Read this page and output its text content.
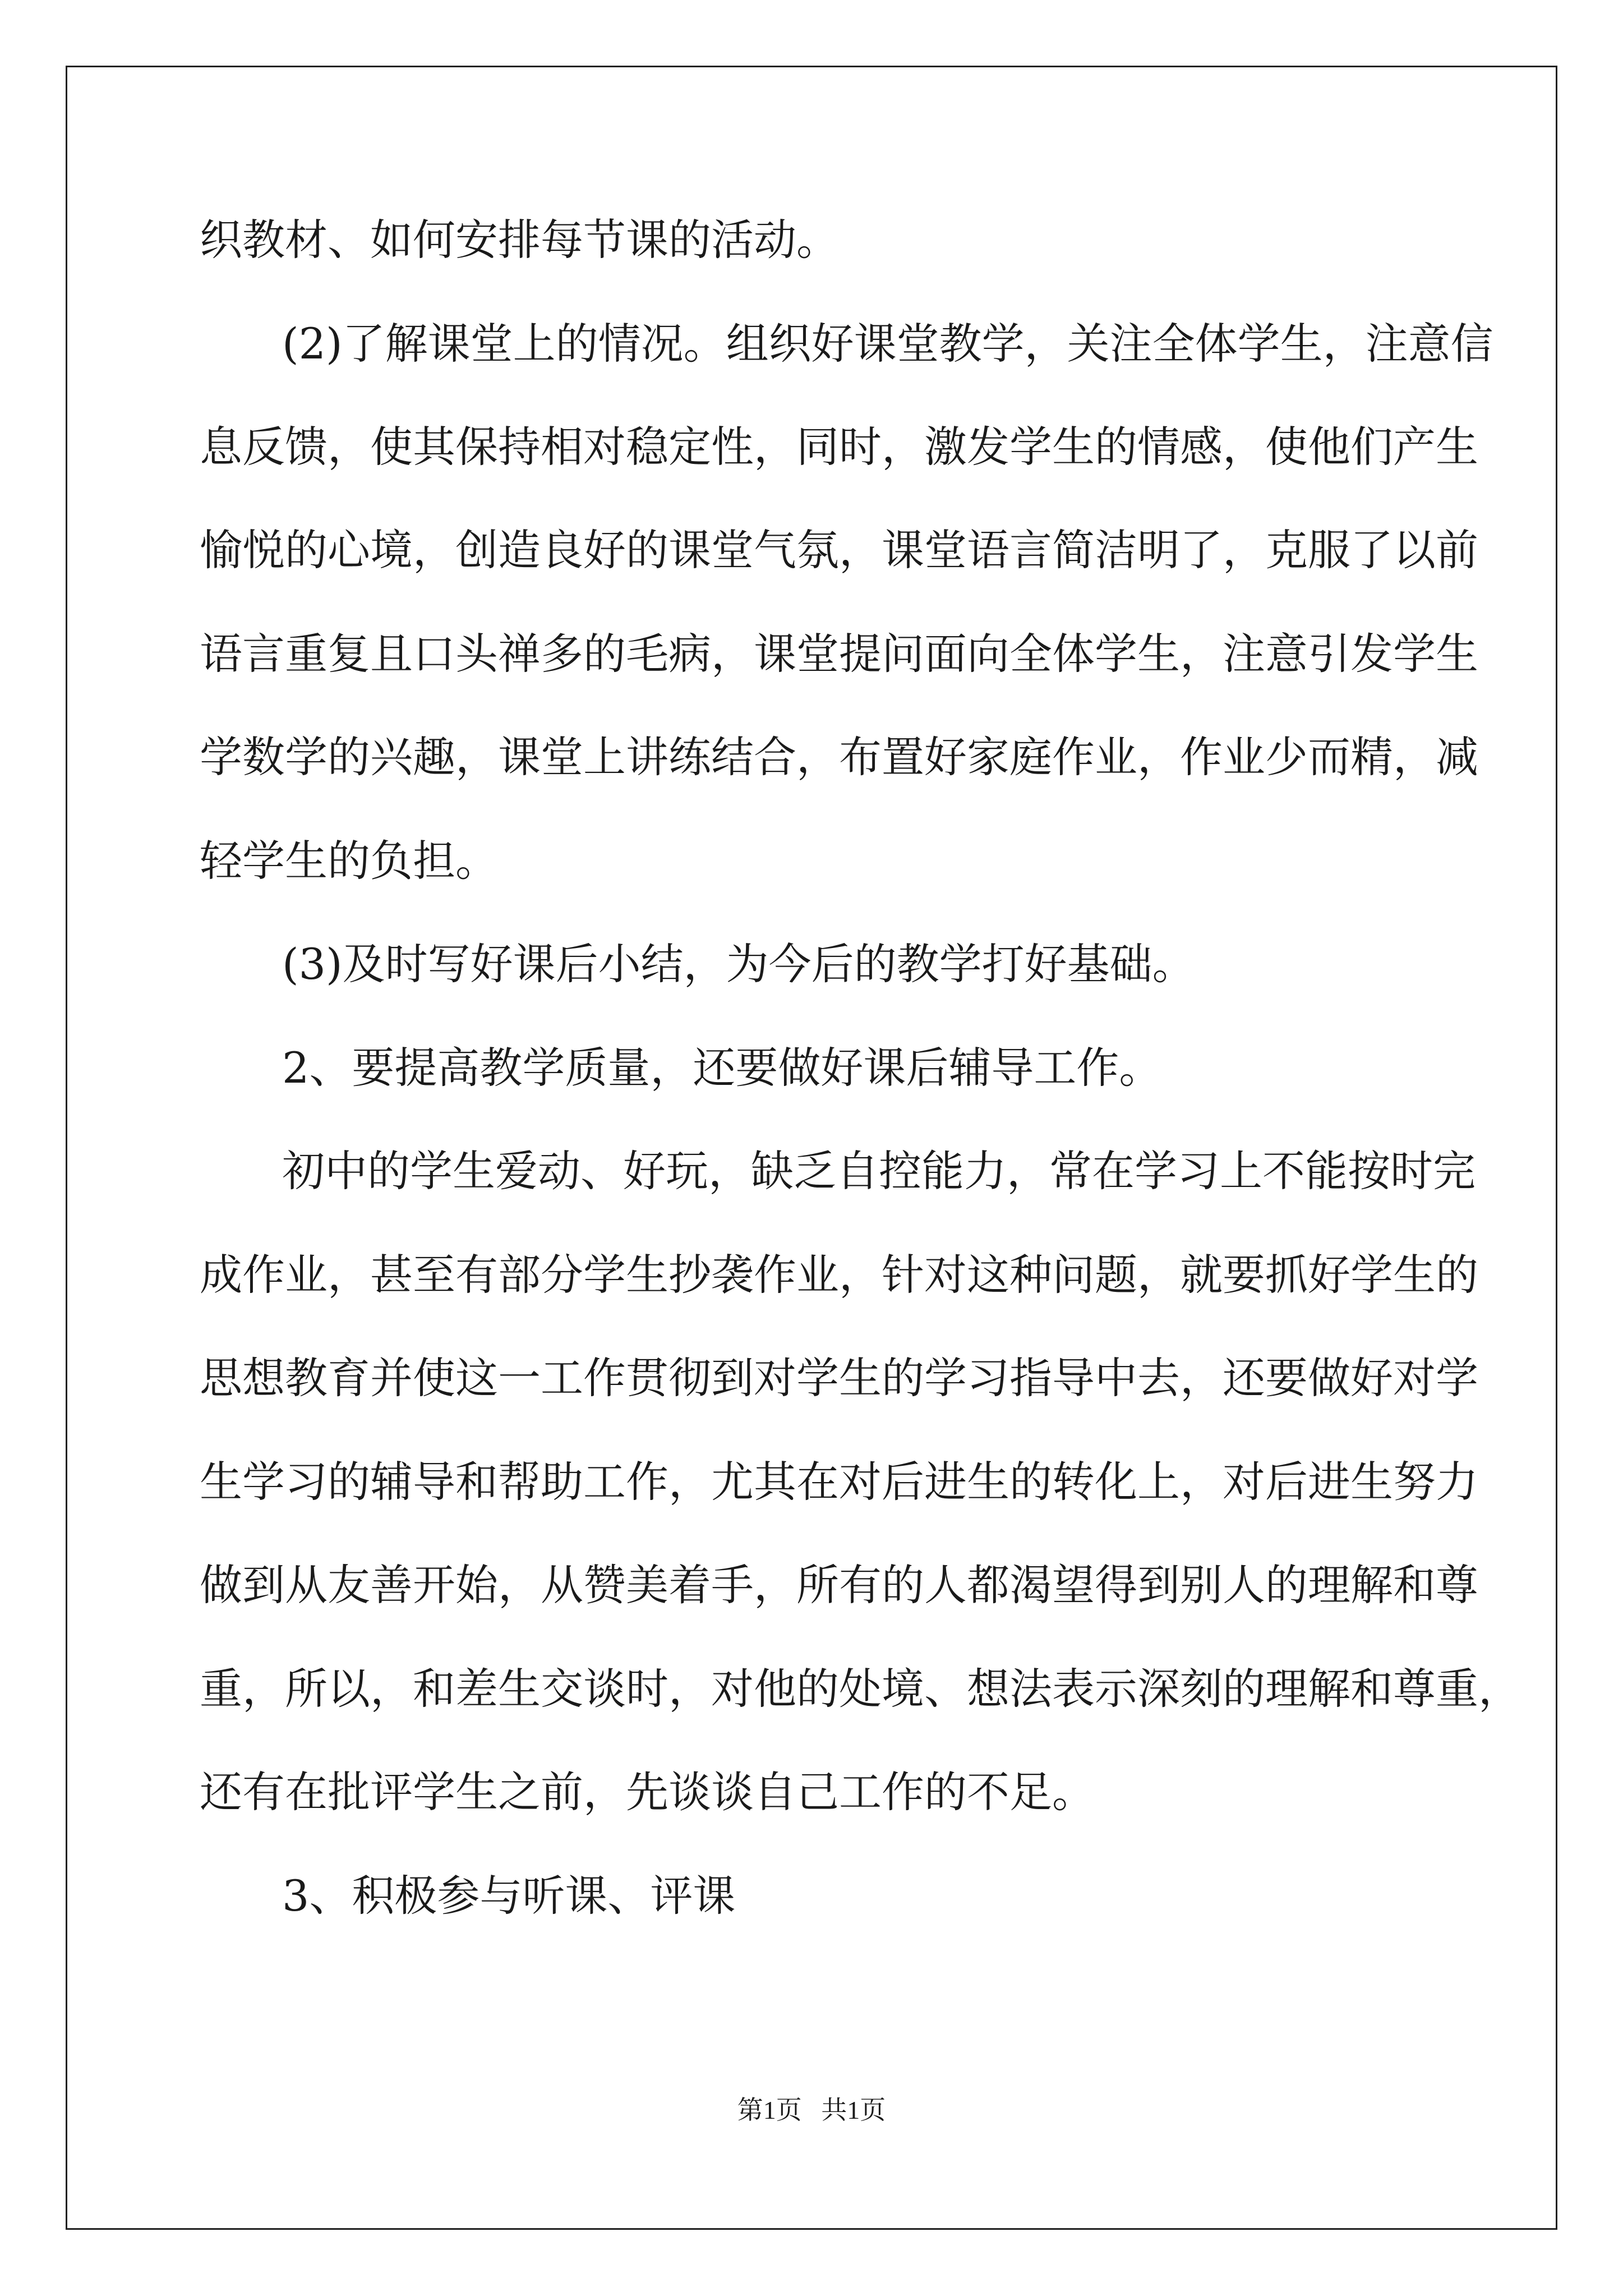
织教材、如何安排每节课的活动。
(2)了解课堂上的情况。组织好课堂教学，关注全体学生，注意信
息反馈，使其保持相对稳定性，同时，激发学生的情感，使他们产生
愉悦的心境，创造良好的课堂气氛，课堂语言简洁明了，克服了以前
语言重复且口头禅多的毛病，课堂提问面向全体学生，注意引发学生
学数学的兴趣，课堂上讲练结合，布置好家庭作业，作业少而精，减
轻学生的负担。
(3)及时写好课后小结，为今后的教学打好基础。
2、要提高教学质量，还要做好课后辅导工作。
初中的学生爱动、好玩，缺乏自控能力，常在学习上不能按时完
成作业，甚至有部分学生抄袭作业，针对这种问题，就要抓好学生的
思想教育并使这一工作贯彻到对学生的学习指导中去，还要做好对学
生学习的辅导和帮助工作，尤其在对后进生的转化上，对后进生努力
做到从友善开始，从赞美着手，所有的人都渴望得到别人的理解和尊
重，所以，和差生交谈时，对他的处境、想法表示深刻的理解和尊重，
还有在批评学生之前，先谈谈自己工作的不足。
3、积极参与听课、评课
第1页   共1页
